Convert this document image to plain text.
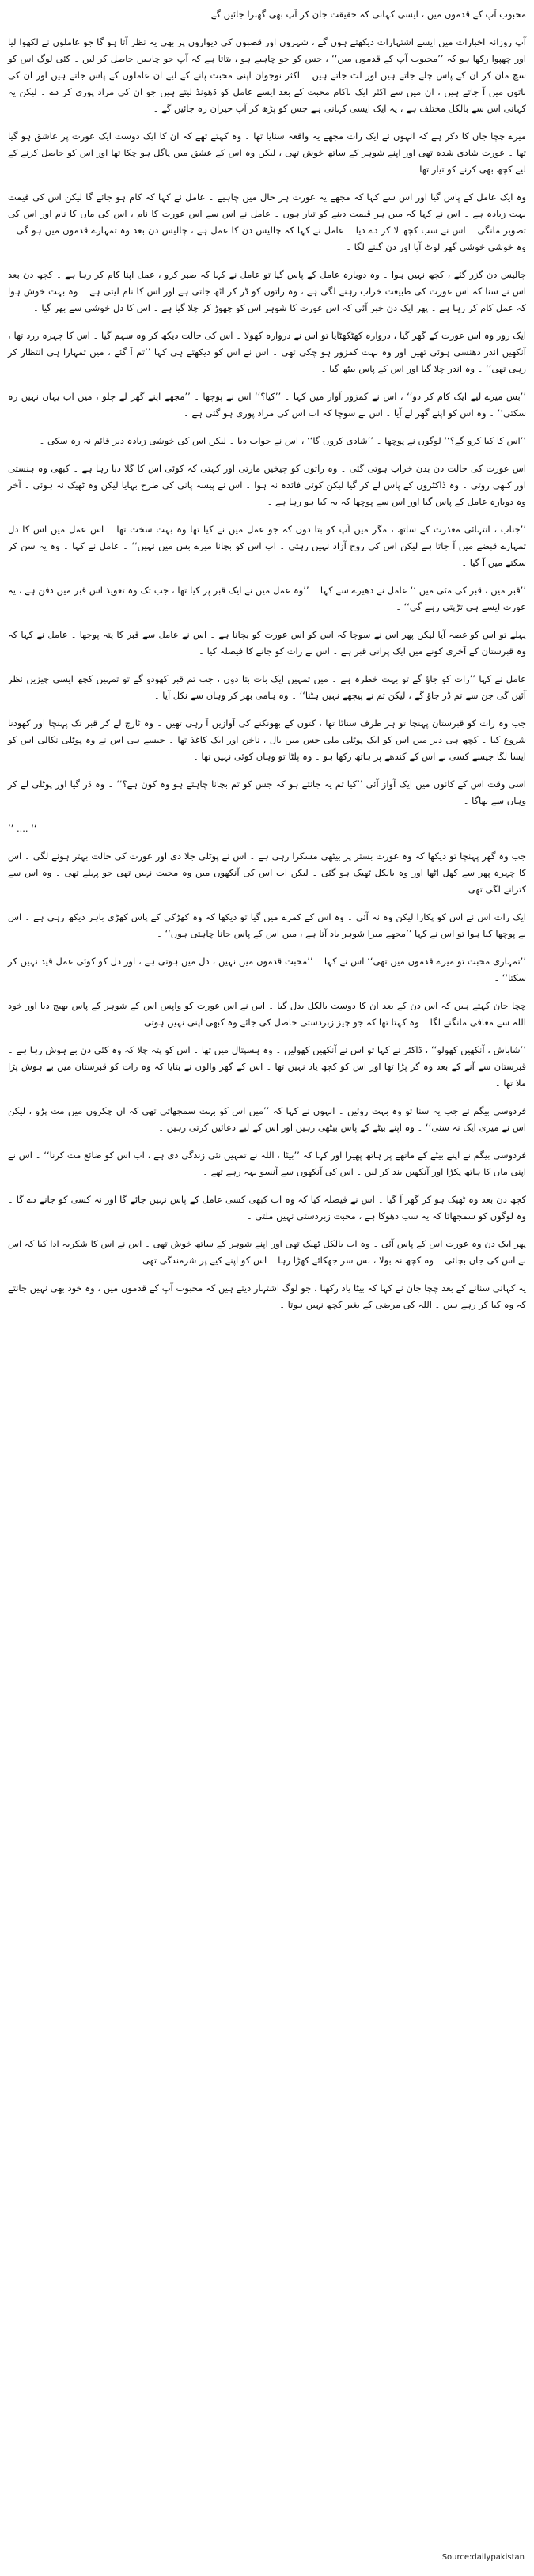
محبوب آپ کے قدموں میں ، ایسی کہانی کہ حقیقت جان کر آپ بھی گھبرا جائیں گے

آپ روزانہ اخبارات میں ایسے اشتہارات دیکھتے ہوں گے ، شہروں اور قصبوں کی دیواروں پر بھی یہ نظر آتا ہو گا جو عاملوں نے لکھوا لیا اور چھپوا رکھا ہو کہ ’’محبوب آپ کے قدموں میں‘‘ ، جس کو جو چاہیے ہو ، بتاتا ہے کہ آپ جو چاہیں حاصل کر لیں ۔ کئی لوگ اس کو سچ مان کر ان کے پاس چلے جاتے ہیں اور لٹ جاتے ہیں ۔ اکثر نوجوان اپنی محبت پانے کے لیے ان عاملوں کے پاس جاتے ہیں اور ان کی باتوں میں آ جاتے ہیں ، ان میں سے اکثر ایک ناکام محبت کے بعد ایسے عامل کو ڈھونڈ لیتے ہیں جو ان کی مراد پوری کر دے ۔ لیکن یہ کہانی اس سے بالکل مختلف ہے ، یہ ایک ایسی کہانی ہے جس کو پڑھ کر آپ حیران رہ جائیں گے ۔

میرے چچا جان کا ذکر ہے کہ انہوں نے ایک رات مجھے یہ واقعہ سنایا تھا ۔ وہ کہتے تھے کہ ان کا ایک دوست ایک عورت پر عاشق ہو گیا تھا ۔ عورت شادی شدہ تھی اور اپنے شوہر کے ساتھ خوش تھی ، لیکن وہ اس کے عشق میں پاگل ہو چکا تھا اور اس کو حاصل کرنے کے لیے کچھ بھی کرنے کو تیار تھا ۔

وہ ایک عامل کے پاس گیا اور اس سے کہا کہ مجھے یہ عورت ہر حال میں چاہیے ۔ عامل نے کہا کہ کام ہو جائے گا لیکن اس کی قیمت بہت زیادہ ہے ۔ اس نے کہا کہ میں ہر قیمت دینے کو تیار ہوں ۔ عامل نے اس سے اس عورت کا نام ، اس کی ماں کا نام اور اس کی تصویر مانگی ۔ اس نے سب کچھ لا کر دے دیا ۔ عامل نے کہا کہ چالیس دن کا عمل ہے ، چالیس دن بعد وہ تمہارے قدموں میں ہو گی ۔ وہ خوشی خوشی گھر لوٹ آیا اور دن گننے لگا ۔

چالیس دن گزر گئے ، کچھ نہیں ہوا ۔ وہ دوبارہ عامل کے پاس گیا تو عامل نے کہا کہ صبر کرو ، عمل اپنا کام کر رہا ہے ۔ کچھ دن بعد اس نے سنا کہ اس عورت کی طبیعت خراب رہنے لگی ہے ، وہ راتوں کو ڈر کر اٹھ جاتی ہے اور اس کا نام لیتی ہے ۔ وہ بہت خوش ہوا کہ عمل کام کر رہا ہے ۔ پھر ایک دن خبر آئی کہ اس عورت کا شوہر اس کو چھوڑ کر چلا گیا ہے ۔ اس کا دل خوشی سے بھر گیا ۔

ایک روز وہ اس عورت کے گھر گیا ، دروازہ کھٹکھٹایا تو اس نے دروازہ کھولا ۔ اس کی حالت دیکھ کر وہ سہم گیا ۔ اس کا چہرہ زرد تھا ، آنکھیں اندر دھنسی ہوئی تھیں اور وہ بہت کمزور ہو چکی تھی ۔ اس نے اس کو دیکھتے ہی کہا ’’تم آ گئے ، میں تمہارا ہی انتظار کر رہی تھی‘‘ ۔ وہ اندر چلا گیا اور اس کے پاس بیٹھ گیا ۔

’’بس میرے لیے ایک کام کر دو‘‘ ، اس نے کمزور آواز میں کہا ۔ ’’کیا؟‘‘ اس نے پوچھا ۔ ’’مجھے اپنے گھر لے چلو ، میں اب یہاں نہیں رہ سکتی‘‘ ۔ وہ اس کو اپنے گھر لے آیا ۔ اس نے سوچا کہ اب اس کی مراد پوری ہو گئی ہے ۔

’’اس کا کیا کرو گے؟‘‘ لوگوں نے پوچھا ۔ ’’شادی کروں گا‘‘ ، اس نے جواب دیا ۔ لیکن اس کی خوشی زیادہ دیر قائم نہ رہ سکی ۔

اس عورت کی حالت دن بدن خراب ہوتی گئی ۔ وہ راتوں کو چیخیں مارتی اور کہتی کہ کوئی اس کا گلا دبا رہا ہے ۔ کبھی وہ ہنستی اور کبھی روتی ۔ وہ ڈاکٹروں کے پاس لے کر گیا لیکن کوئی فائدہ نہ ہوا ۔ اس نے پیسہ پانی کی طرح بہایا لیکن وہ ٹھیک نہ ہوئی ۔ آخر وہ دوبارہ عامل کے پاس گیا اور اس سے پوچھا کہ یہ کیا ہو رہا ہے ۔

’’جناب ، انتہائی معذرت کے ساتھ ، مگر میں آپ کو بتا دوں کہ جو عمل میں نے کیا تھا وہ بہت سخت تھا ۔ اس عمل میں اس کا دل تمہارے قبضے میں آ جاتا ہے لیکن اس کی روح آزاد نہیں رہتی ۔ اب اس کو بچانا میرے بس میں نہیں‘‘ ۔ عامل نے کہا ۔ وہ یہ سن کر سکتے میں آ گیا ۔

’’قبر میں ، قبر کی مٹی میں ‘‘ عامل نے دھیرے سے کہا ۔ ’’وہ عمل میں نے ایک قبر پر کیا تھا ، جب تک وہ تعویذ اس قبر میں دفن ہے ، یہ عورت ایسے ہی تڑپتی رہے گی‘‘ ۔

پہلے تو اس کو غصہ آیا لیکن پھر اس نے سوچا کہ اس کو اس عورت کو بچانا ہے ۔ اس نے عامل سے قبر کا پتہ پوچھا ۔ عامل نے کہا کہ وہ قبرستان کے آخری کونے میں ایک پرانی قبر ہے ۔ اس نے رات کو جانے کا فیصلہ کیا ۔

عامل نے کہا ’’رات کو جاؤ گے تو بہت خطرہ ہے ۔ میں تمہیں ایک بات بتا دوں ، جب تم قبر کھودو گے تو تمہیں کچھ ایسی چیزیں نظر آئیں گی جن سے تم ڈر جاؤ گے ، لیکن تم نے پیچھے نہیں ہٹنا‘‘ ۔ وہ ہامی بھر کر وہاں سے نکل آیا ۔

جب وہ رات کو قبرستان پہنچا تو ہر طرف سناٹا تھا ، کتوں کے بھونکنے کی آوازیں آ رہی تھیں ۔ وہ ٹارچ لے کر قبر تک پہنچا اور کھودنا شروع کیا ۔ کچھ ہی دیر میں اس کو ایک پوٹلی ملی جس میں بال ، ناخن اور ایک کاغذ تھا ۔ جیسے ہی اس نے وہ پوٹلی نکالی اس کو ایسا لگا جیسے کسی نے اس کے کندھے پر ہاتھ رکھا ہو ۔ وہ پلٹا تو وہاں کوئی نہیں تھا ۔

اسی وقت اس کے کانوں میں ایک آواز آئی ’’کیا تم یہ جانتے ہو کہ جس کو تم بچانا چاہتے ہو وہ کون ہے؟‘‘ ۔ وہ ڈر گیا اور پوٹلی لے کر وہاں سے بھاگا ۔

’’ .... ‘‘

جب وہ گھر پہنچا تو دیکھا کہ وہ عورت بستر پر بیٹھی مسکرا رہی ہے ۔ اس نے پوٹلی جلا دی اور عورت کی حالت بہتر ہونے لگی ۔ اس کا چہرہ پھر سے کھل اٹھا اور وہ بالکل ٹھیک ہو گئی ۔ لیکن اب اس کی آنکھوں میں وہ محبت نہیں تھی جو پہلے تھی ۔ وہ اس سے کترانے لگی تھی ۔

ایک رات اس نے اس کو پکارا لیکن وہ نہ آئی ۔ وہ اس کے کمرے میں گیا تو دیکھا کہ وہ کھڑکی کے پاس کھڑی باہر دیکھ رہی ہے ۔ اس نے پوچھا کیا ہوا تو اس نے کہا ’’مجھے میرا شوہر یاد آتا ہے ، میں اس کے پاس جانا چاہتی ہوں‘‘ ۔

’’تمہاری محبت تو میرے قدموں میں تھی‘‘ اس نے کہا ۔ ’’محبت قدموں میں نہیں ، دل میں ہوتی ہے ، اور دل کو کوئی عمل قید نہیں کر سکتا‘‘ ۔

چچا جان کہتے ہیں کہ اس دن کے بعد ان کا دوست بالکل بدل گیا ۔ اس نے اس عورت کو واپس اس کے شوہر کے پاس بھیج دیا اور خود اللہ سے معافی مانگنے لگا ۔ وہ کہتا تھا کہ جو چیز زبردستی حاصل کی جائے وہ کبھی اپنی نہیں ہوتی ۔

’’شاباش ، آنکھیں کھولو‘‘ ، ڈاکٹر نے کہا تو اس نے آنکھیں کھولیں ۔ وہ ہسپتال میں تھا ۔ اس کو پتہ چلا کہ وہ کئی دن بے ہوش رہا ہے ۔ قبرستان سے آنے کے بعد وہ گر پڑا تھا اور اس کو کچھ یاد نہیں تھا ۔ اس کے گھر والوں نے بتایا کہ وہ رات کو قبرستان میں بے ہوش پڑا ملا تھا ۔

فردوسی بیگم نے جب یہ سنا تو وہ بہت روئیں ۔ انہوں نے کہا کہ ’’میں اس کو بہت سمجھاتی تھی کہ ان چکروں میں مت پڑو ، لیکن اس نے میری ایک نہ سنی‘‘ ۔ وہ اپنے بیٹے کے پاس بیٹھی رہیں اور اس کے لیے دعائیں کرتی رہیں ۔

فردوسی بیگم نے اپنے بیٹے کے ماتھے پر ہاتھ پھیرا اور کہا کہ ’’بیٹا ، اللہ نے تمہیں نئی زندگی دی ہے ، اب اس کو ضائع مت کرنا‘‘ ۔ اس نے اپنی ماں کا ہاتھ پکڑا اور آنکھیں بند کر لیں ۔ اس کی آنکھوں سے آنسو بہہ رہے تھے ۔

کچھ دن بعد وہ ٹھیک ہو کر گھر آ گیا ۔ اس نے فیصلہ کیا کہ وہ اب کبھی کسی عامل کے پاس نہیں جائے گا اور نہ کسی کو جانے دے گا ۔ وہ لوگوں کو سمجھاتا کہ یہ سب دھوکا ہے ، محبت زبردستی نہیں ملتی ۔

پھر ایک دن وہ عورت اس کے پاس آئی ۔ وہ اب بالکل ٹھیک تھی اور اپنے شوہر کے ساتھ خوش تھی ۔ اس نے اس کا شکریہ ادا کیا کہ اس نے اس کی جان بچائی ۔ وہ کچھ نہ بولا ، بس سر جھکائے کھڑا رہا ۔ اس کو اپنے کیے پر شرمندگی تھی ۔

یہ کہانی سنانے کے بعد چچا جان نے کہا کہ بیٹا یاد رکھنا ، جو لوگ اشتہار دیتے ہیں کہ محبوب آپ کے قدموں میں ، وہ خود بھی نہیں جانتے کہ وہ کیا کر رہے ہیں ۔ اللہ کی مرضی کے بغیر کچھ نہیں ہوتا ۔

Source:dailypakistan
